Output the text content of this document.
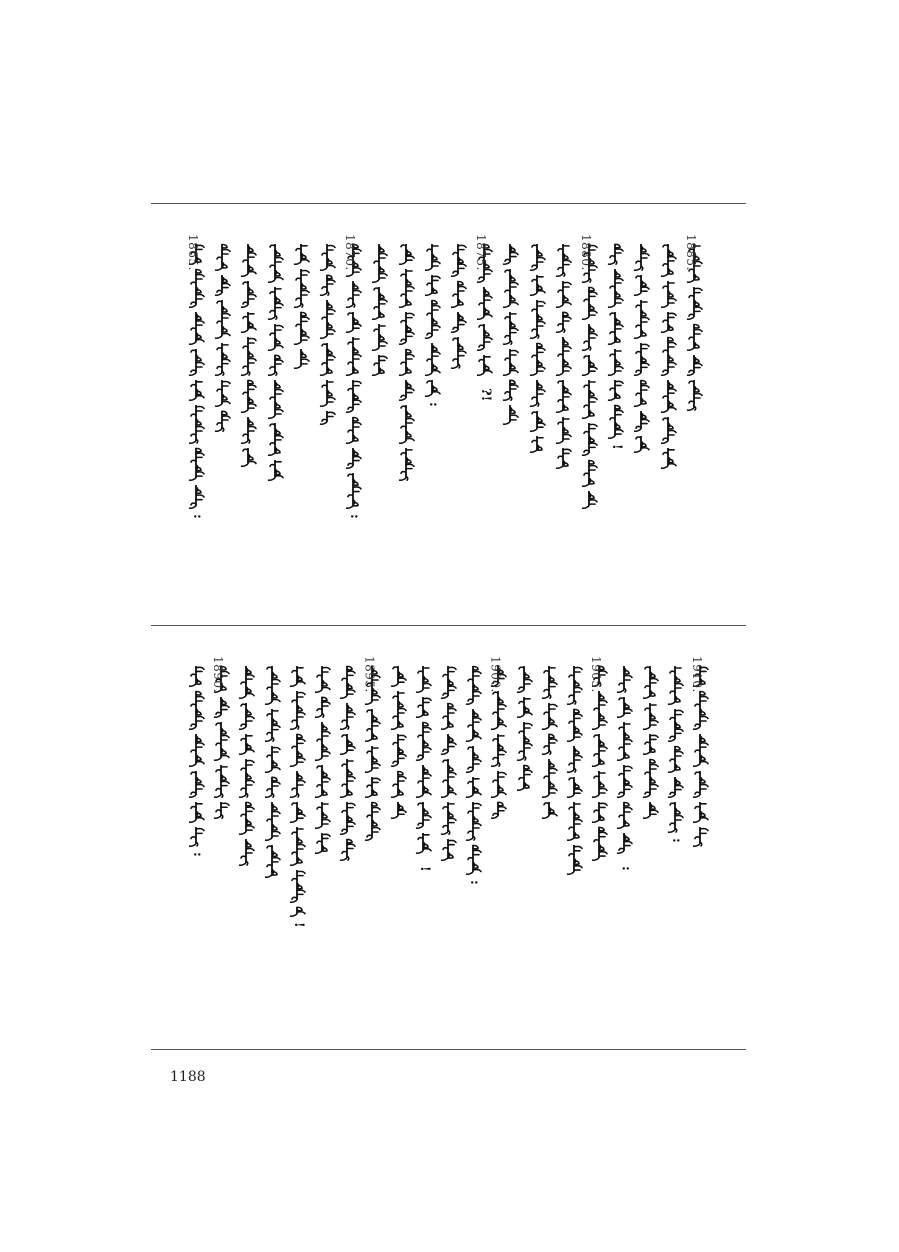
:	:
:
?!
!
1865.	1870.	1875.	1880.	1885.
:
!
!
:
:
:
1890.	1895.	1900.	1905.	1910.
1188
